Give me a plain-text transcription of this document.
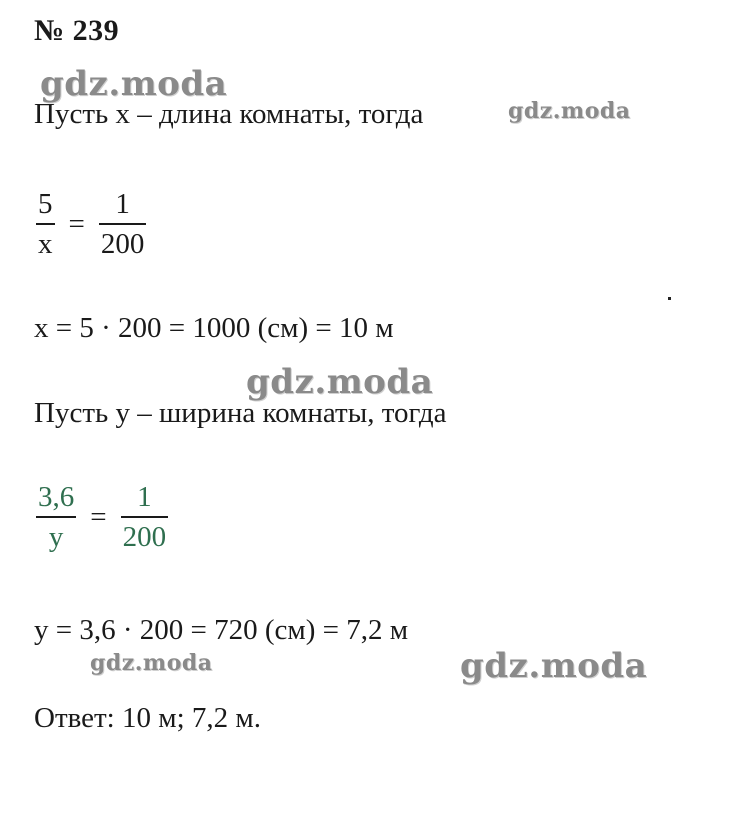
№ 239
gdz.moda
Пусть x – длина комнаты, тогда	gdz.moda
$\frac{5}{x} = \frac{1}{200}$
x = 5 · 200 = 1000 (см) = 10 м
gdz.moda
Пусть y – ширина комнаты, тогда
$\frac{3,6}{y} = \frac{1}{200}$
y = 3,6 · 200 = 720 (см) = 7,2 м
gdz.moda	gdz.moda
Ответ: 10 м; 7,2 м.
